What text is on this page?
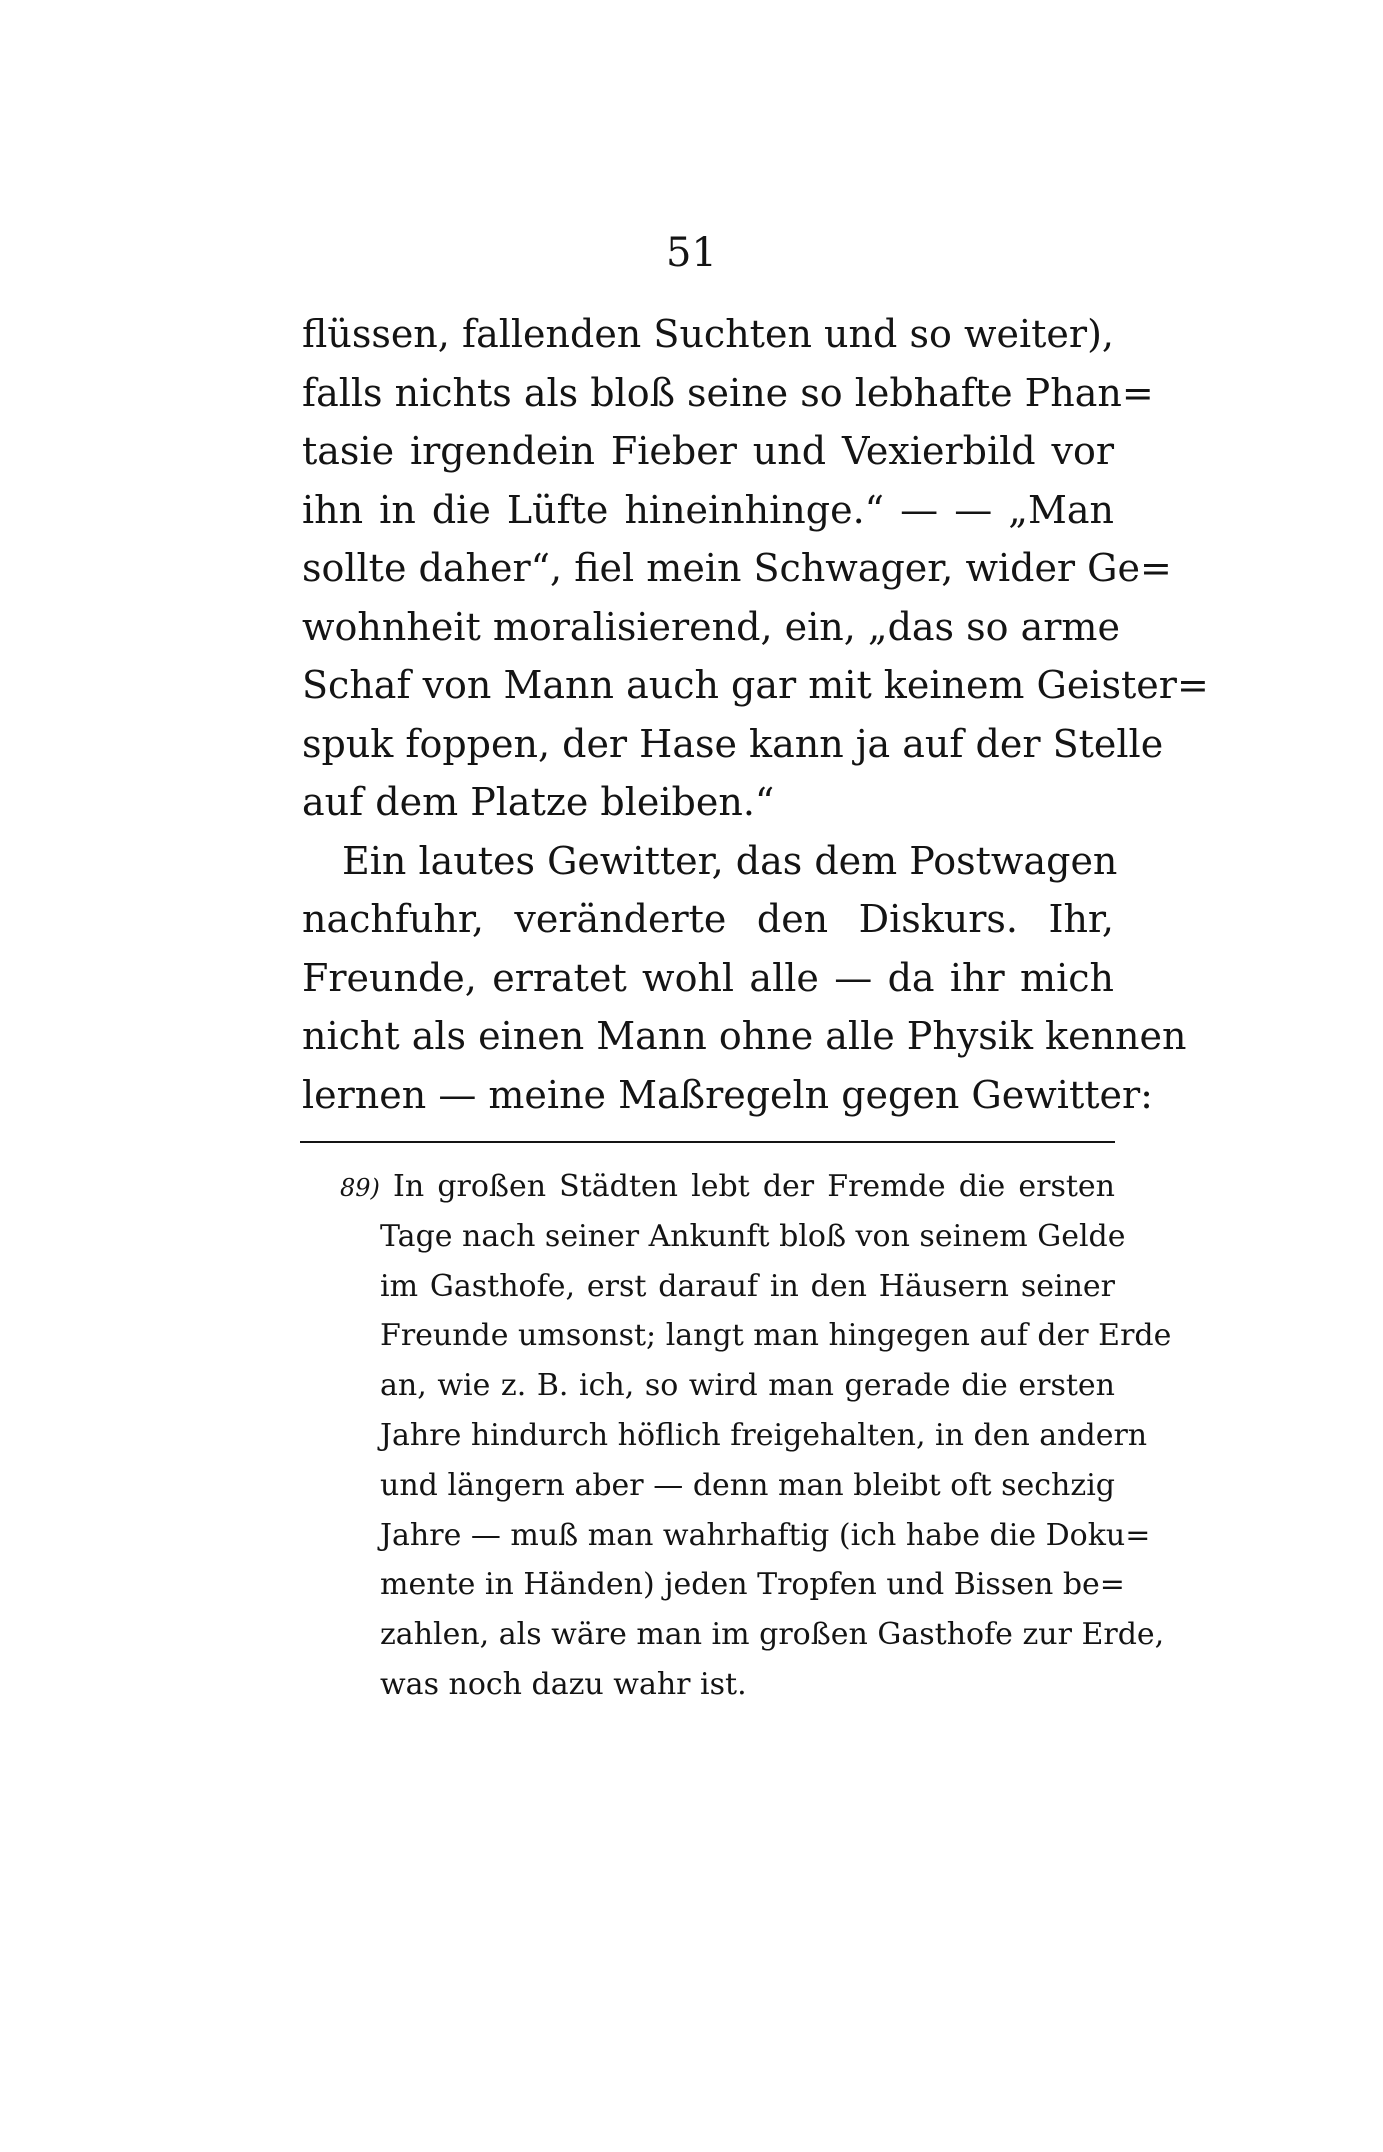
51
flüssen, fallenden Suchten und so weiter),
falls nichts als bloß seine so lebhafte Phan=
tasie irgendein Fieber und Vexierbild vor
ihn in die Lüfte hineinhinge.“ — — „Man
sollte daher“, fiel mein Schwager, wider Ge=
wohnheit moralisierend, ein, „das so arme
Schaf von Mann auch gar mit keinem Geister=
spuk foppen, der Hase kann ja auf der Stelle
auf dem Platze bleiben.“
Ein lautes Gewitter, das dem Postwagen
nachfuhr, veränderte den Diskurs. Ihr,
Freunde, erratet wohl alle — da ihr mich
nicht als einen Mann ohne alle Physik kennen
lernen — meine Maßregeln gegen Gewitter:
89) In großen Städten lebt der Fremde die ersten
Tage nach seiner Ankunft bloß von seinem Gelde
im Gasthofe, erst darauf in den Häusern seiner
Freunde umsonst; langt man hingegen auf der Erde
an, wie z. B. ich, so wird man gerade die ersten
Jahre hindurch höflich freigehalten, in den andern
und längern aber — denn man bleibt oft sechzig
Jahre — muß man wahrhaftig (ich habe die Doku=
mente in Händen) jeden Tropfen und Bissen be=
zahlen, als wäre man im großen Gasthofe zur Erde,
was noch dazu wahr ist.
